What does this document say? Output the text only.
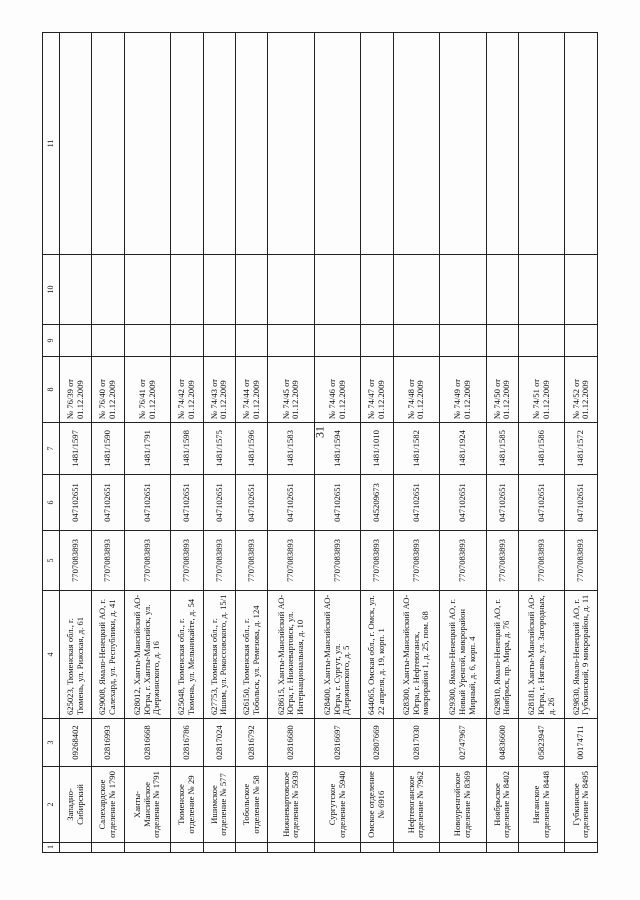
31
1	2	3	4	5	6	7	8	9	10	11
	Западно-Сибирский	09268402	625023, Тюменская обл., г. Тюмень, ул. Рижская, д. 61	7707083893	047102651	1481/1597	№ 76/39 от 01.12.2009			
	Салехардское отделение № 1790	02816993	629008, Ямало-Ненецкий АО, г. Салехард, ул. Республики, д. 41	7707083893	047102651	1481/1590	№ 76/40 от 01.12.2009			
	Ханты-Мансийское отделение № 1791	02816668	628012, Ханты-Мансийский АО-Югра, г. Ханты-Мансийск, ул. Дзержинского, д. 16	7707083893	047102651	1481/1791	№ 76/41 от 01.12.2009			
	Тюменское отделение № 29	02816786	625048, Тюменская обл., г. Тюмень, ул. Мельникайте, д. 54	7707083893	047102651	1481/1598	№ 74/42 от 01.12.2009			
	Ишимское отделение № 577	02817024	627753, Тюменская обл., г. Ишим, ул. Рокоссовского, д. 15/1	7707083893	047102651	1481/1575	№ 74/43 от 01.12.2009			
	Тобольское отделение № 58	02816792	626150, Тюменская обл., г. Тобольск, ул. Ремезова, д. 124	7707083893	047102651	1481/1596	№ 74/44 от 01.12.2009			
	Нижневартовское отделение № 5939	02816680	628615, Ханты-Мансийский АО-Югра, г. Нижневартовск, ул. Интернациональная, д. 10	7707083893	047102651	1481/1583	№ 74/45 от 01.12.2009			
	Сургутское отделение № 5940	02816697	628400, Ханты-Мансийский АО-Югра, г. Сургут, ул. Дзержинского, д. 5	7707083893	047102651	1481/1594	№ 74/46 от 01.12.2009			
	Омское отделение № 6916	02807669	644065, Омская обл., г. Омск, ул. 22 апреля, д. 19, корп. 1	7707083893	045209673	1481/1010	№ 74/47 от 01.12.2009			
	Нефтеюганское отделение № 7962	02817030	628300, Ханты-Мансийский АО-Югра, г. Нефтеюганск, микрорайон 1, д. 25, пом. 68	7707083893	047102651	1481/1582	№ 74/48 от 01.12.2009			
	Новоуренгойское отделение № 8369	02747967	629300, Ямало-Ненецкий АО, г. Новый Уренгой, микрорайон Мирный, д. 6, корп. 4	7707083893	047102651	1481/1924	№ 74/49 от 01.12.2009			
	Ноябрьское отделение № 8402	04836600	629810, Ямало-Ненецкий АО, г. Ноябрьск, пр. Мира, д. 76	7707083893	047102651	1481/1585	№ 74/50 от 01.12.2009			
	Няганское отделение № 8448	05823947	628181, Ханты-Мансийский АО-Югра, г. Нягань, ул. Загородных, д. 26	7707083893	047102651	1481/1586	№ 74/51 от 01.12.2009			
	Губкинское отделение № 8495	00174711	629830, Ямало-Ненецкий АО, г. Губкинский, 9 микрорайон, д. 11	7707083893	047102651	1481/1572	№ 74/52 от 01.12.2009			
